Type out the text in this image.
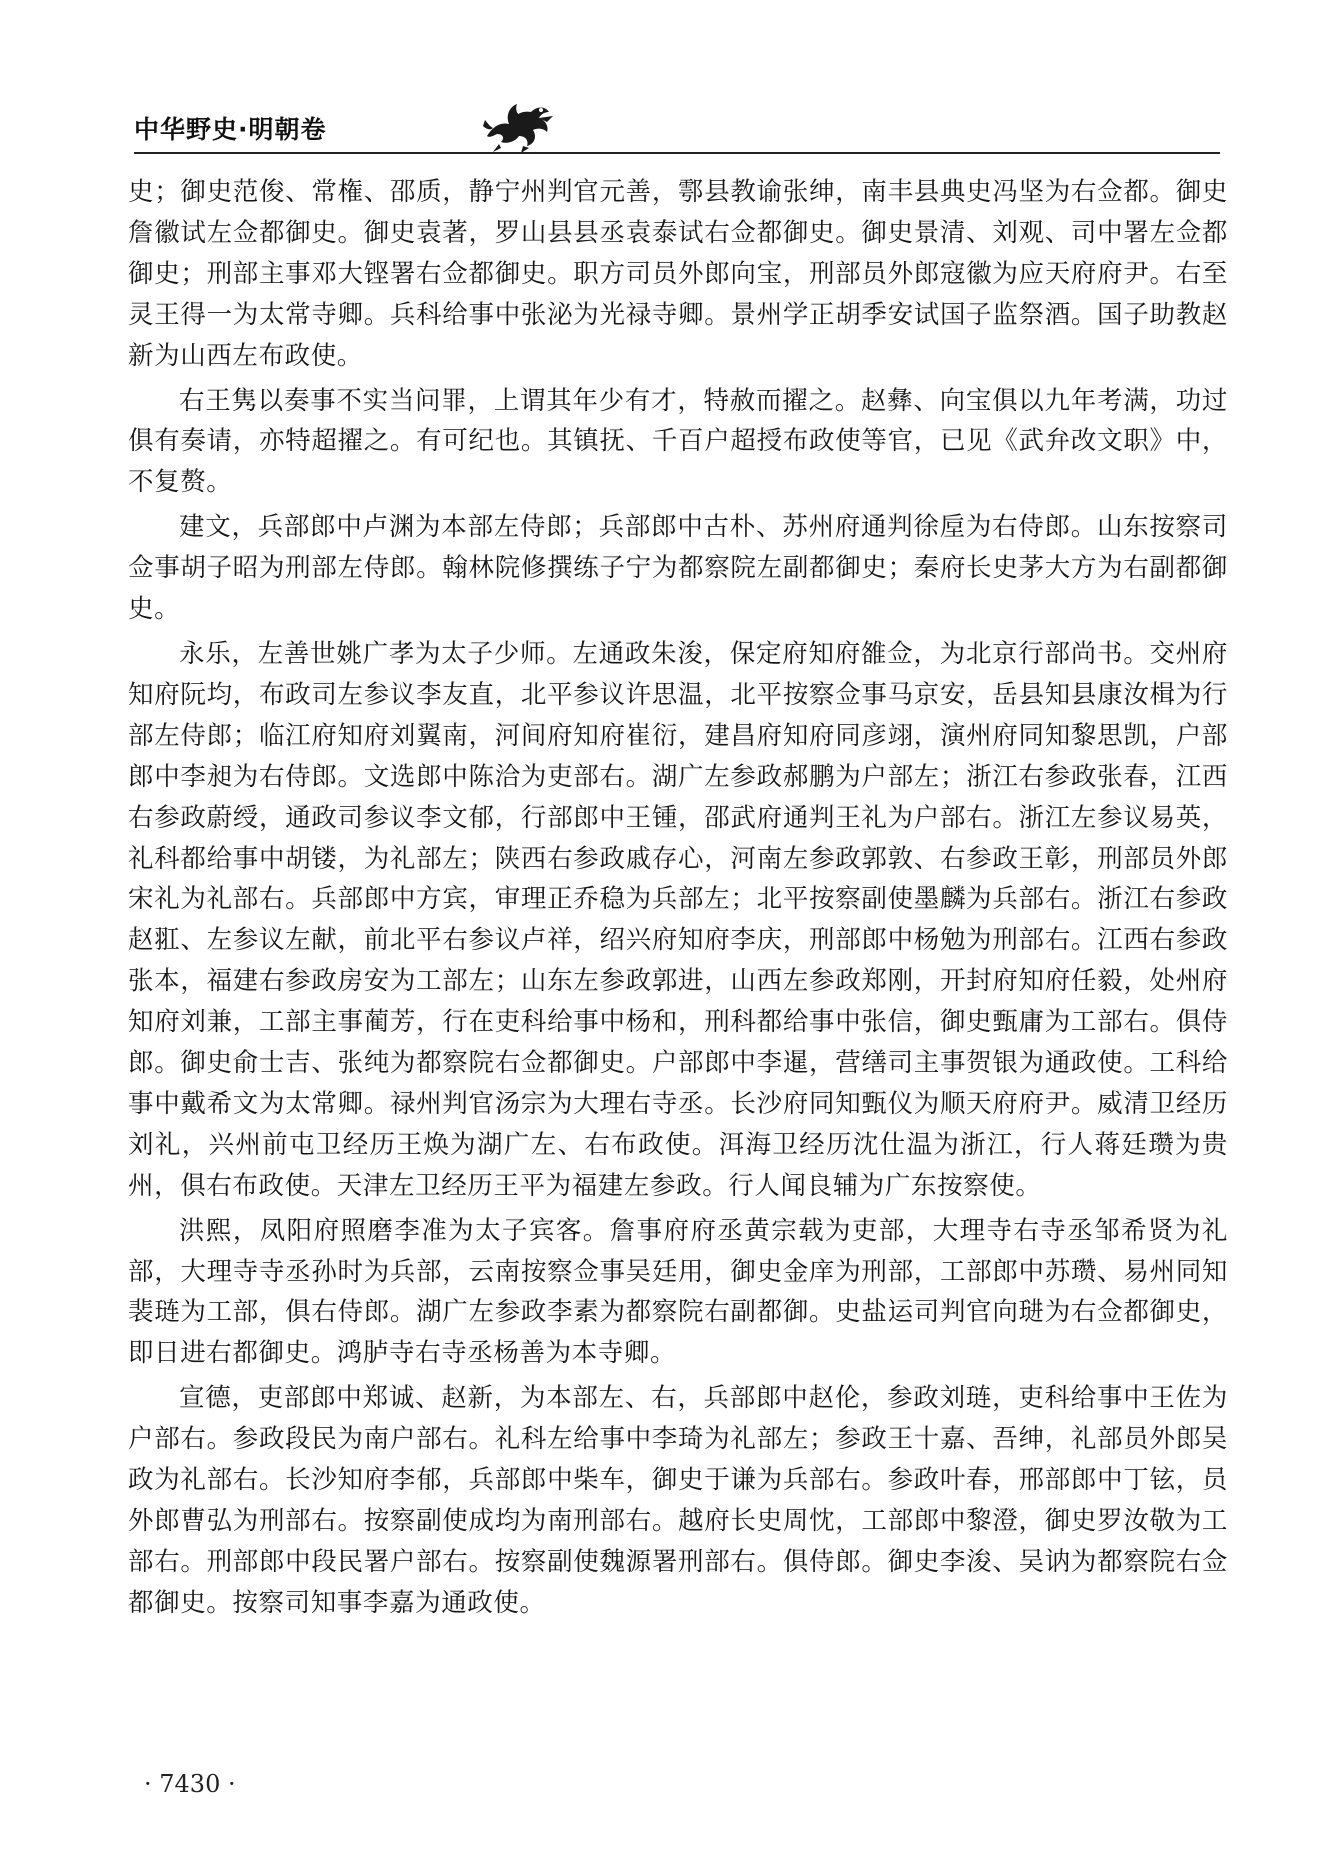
中华野史·明朝卷

史；御史范俊、常権、邵质，静宁州判官元善，鄠县教谕张绅，南丰县典史冯坚为右佥都。御史詹徽试左佥都御史。御史袁著，罗山县县丞袁泰试右佥都御史。御史景清、刘观、司中署左佥都御史；刑部主事邓大铿署右佥都御史。职方司员外郎向宝，刑部员外郎寇徽为应天府府尹。右至灵王得一为太常寺卿。兵科给事中张泌为光禄寺卿。景州学正胡季安试国子监祭酒。国子助教赵新为山西左布政使。

右王隽以奏事不实当问罪，上谓其年少有才，特赦而擢之。赵彝、向宝俱以九年考满，功过俱有奏请，亦特超擢之。有可纪也。其镇抚、千百户超授布政使等官，已见《武弁改文职》中，不复赘。

建文，兵部郎中卢渊为本部左侍郎；兵部郎中古朴、苏州府通判徐垕为右侍郎。山东按察司佥事胡子昭为刑部左侍郎。翰林院修撰练子宁为都察院左副都御史；秦府长史茅大方为右副都御史。

永乐，左善世姚广孝为太子少师。左通政朱浚，保定府知府雒佥，为北京行部尚书。交州府知府阮均，布政司左参议李友直，北平参议许思温，北平按察佥事马京安，岳县知县康汝楫为行部左侍郎；临江府知府刘翼南，河间府知府崔衍，建昌府知府同彦翊，演州府同知黎思凯，户部郎中李昶为右侍郎。文选郎中陈洽为吏部右。湖广左参政郝鹏为户部左；浙江右参政张春，江西右参政蔚绶，通政司参议李文郁，行部郎中王锺，邵武府通判王礼为户部右。浙江左参议易英，礼科都给事中胡镂，为礼部左；陕西右参政戚存心，河南左参政郭敦、右参政王彰，刑部员外郎宋礼为礼部右。兵部郎中方宾，审理正乔稳为兵部左；北平按察副使墨麟为兵部右。浙江右参政赵羾、左参议左献，前北平右参议卢祥，绍兴府知府李庆，刑部郎中杨勉为刑部右。江西右参政张本，福建右参政房安为工部左；山东左参政郭进，山西左参政郑刚，开封府知府任毅，处州府知府刘兼，工部主事蔺芳，行在吏科给事中杨和，刑科都给事中张信，御史甄庸为工部右。俱侍郎。御史俞士吉、张纯为都察院右佥都御史。户部郎中李暹，营缮司主事贺银为通政使。工科给事中戴希文为太常卿。禄州判官汤宗为大理右寺丞。长沙府同知甄仪为顺天府府尹。威清卫经历刘礼，兴州前屯卫经历王焕为湖广左、右布政使。洱海卫经历沈仕温为浙江，行人蒋廷瓒为贵州，俱右布政使。天津左卫经历王平为福建左参政。行人闻良辅为广东按察使。

洪熙，凤阳府照磨李准为太子宾客。詹事府府丞黄宗载为吏部，大理寺右寺丞邹希贤为礼部，大理寺寺丞孙时为兵部，云南按察佥事吴廷用，御史金庠为刑部，工部郎中苏瓒、易州同知裴琏为工部，俱右侍郎。湖广左参政李素为都察院右副都御。史盐运司判官向琎为右佥都御史，即日进右都御史。鸿胪寺右寺丞杨善为本寺卿。

宣德，吏部郎中郑诚、赵新，为本部左、右，兵部郎中赵伦，参政刘琏，吏科给事中王佐为户部右。参政段民为南户部右。礼科左给事中李琦为礼部左；参政王十嘉、吾绅，礼部员外郎吴政为礼部右。长沙知府李郁，兵部郎中柴车，御史于谦为兵部右。参政叶春，邢部郎中丁铉，员外郎曹弘为刑部右。按察副使成均为南刑部右。越府长史周忱，工部郎中黎澄，御史罗汝敬为工部右。刑部郎中段民署户部右。按察副使魏源署刑部右。俱侍郎。御史李浚、吴讷为都察院右佥都御史。按察司知事李嘉为通政使。

· 7430 ·
